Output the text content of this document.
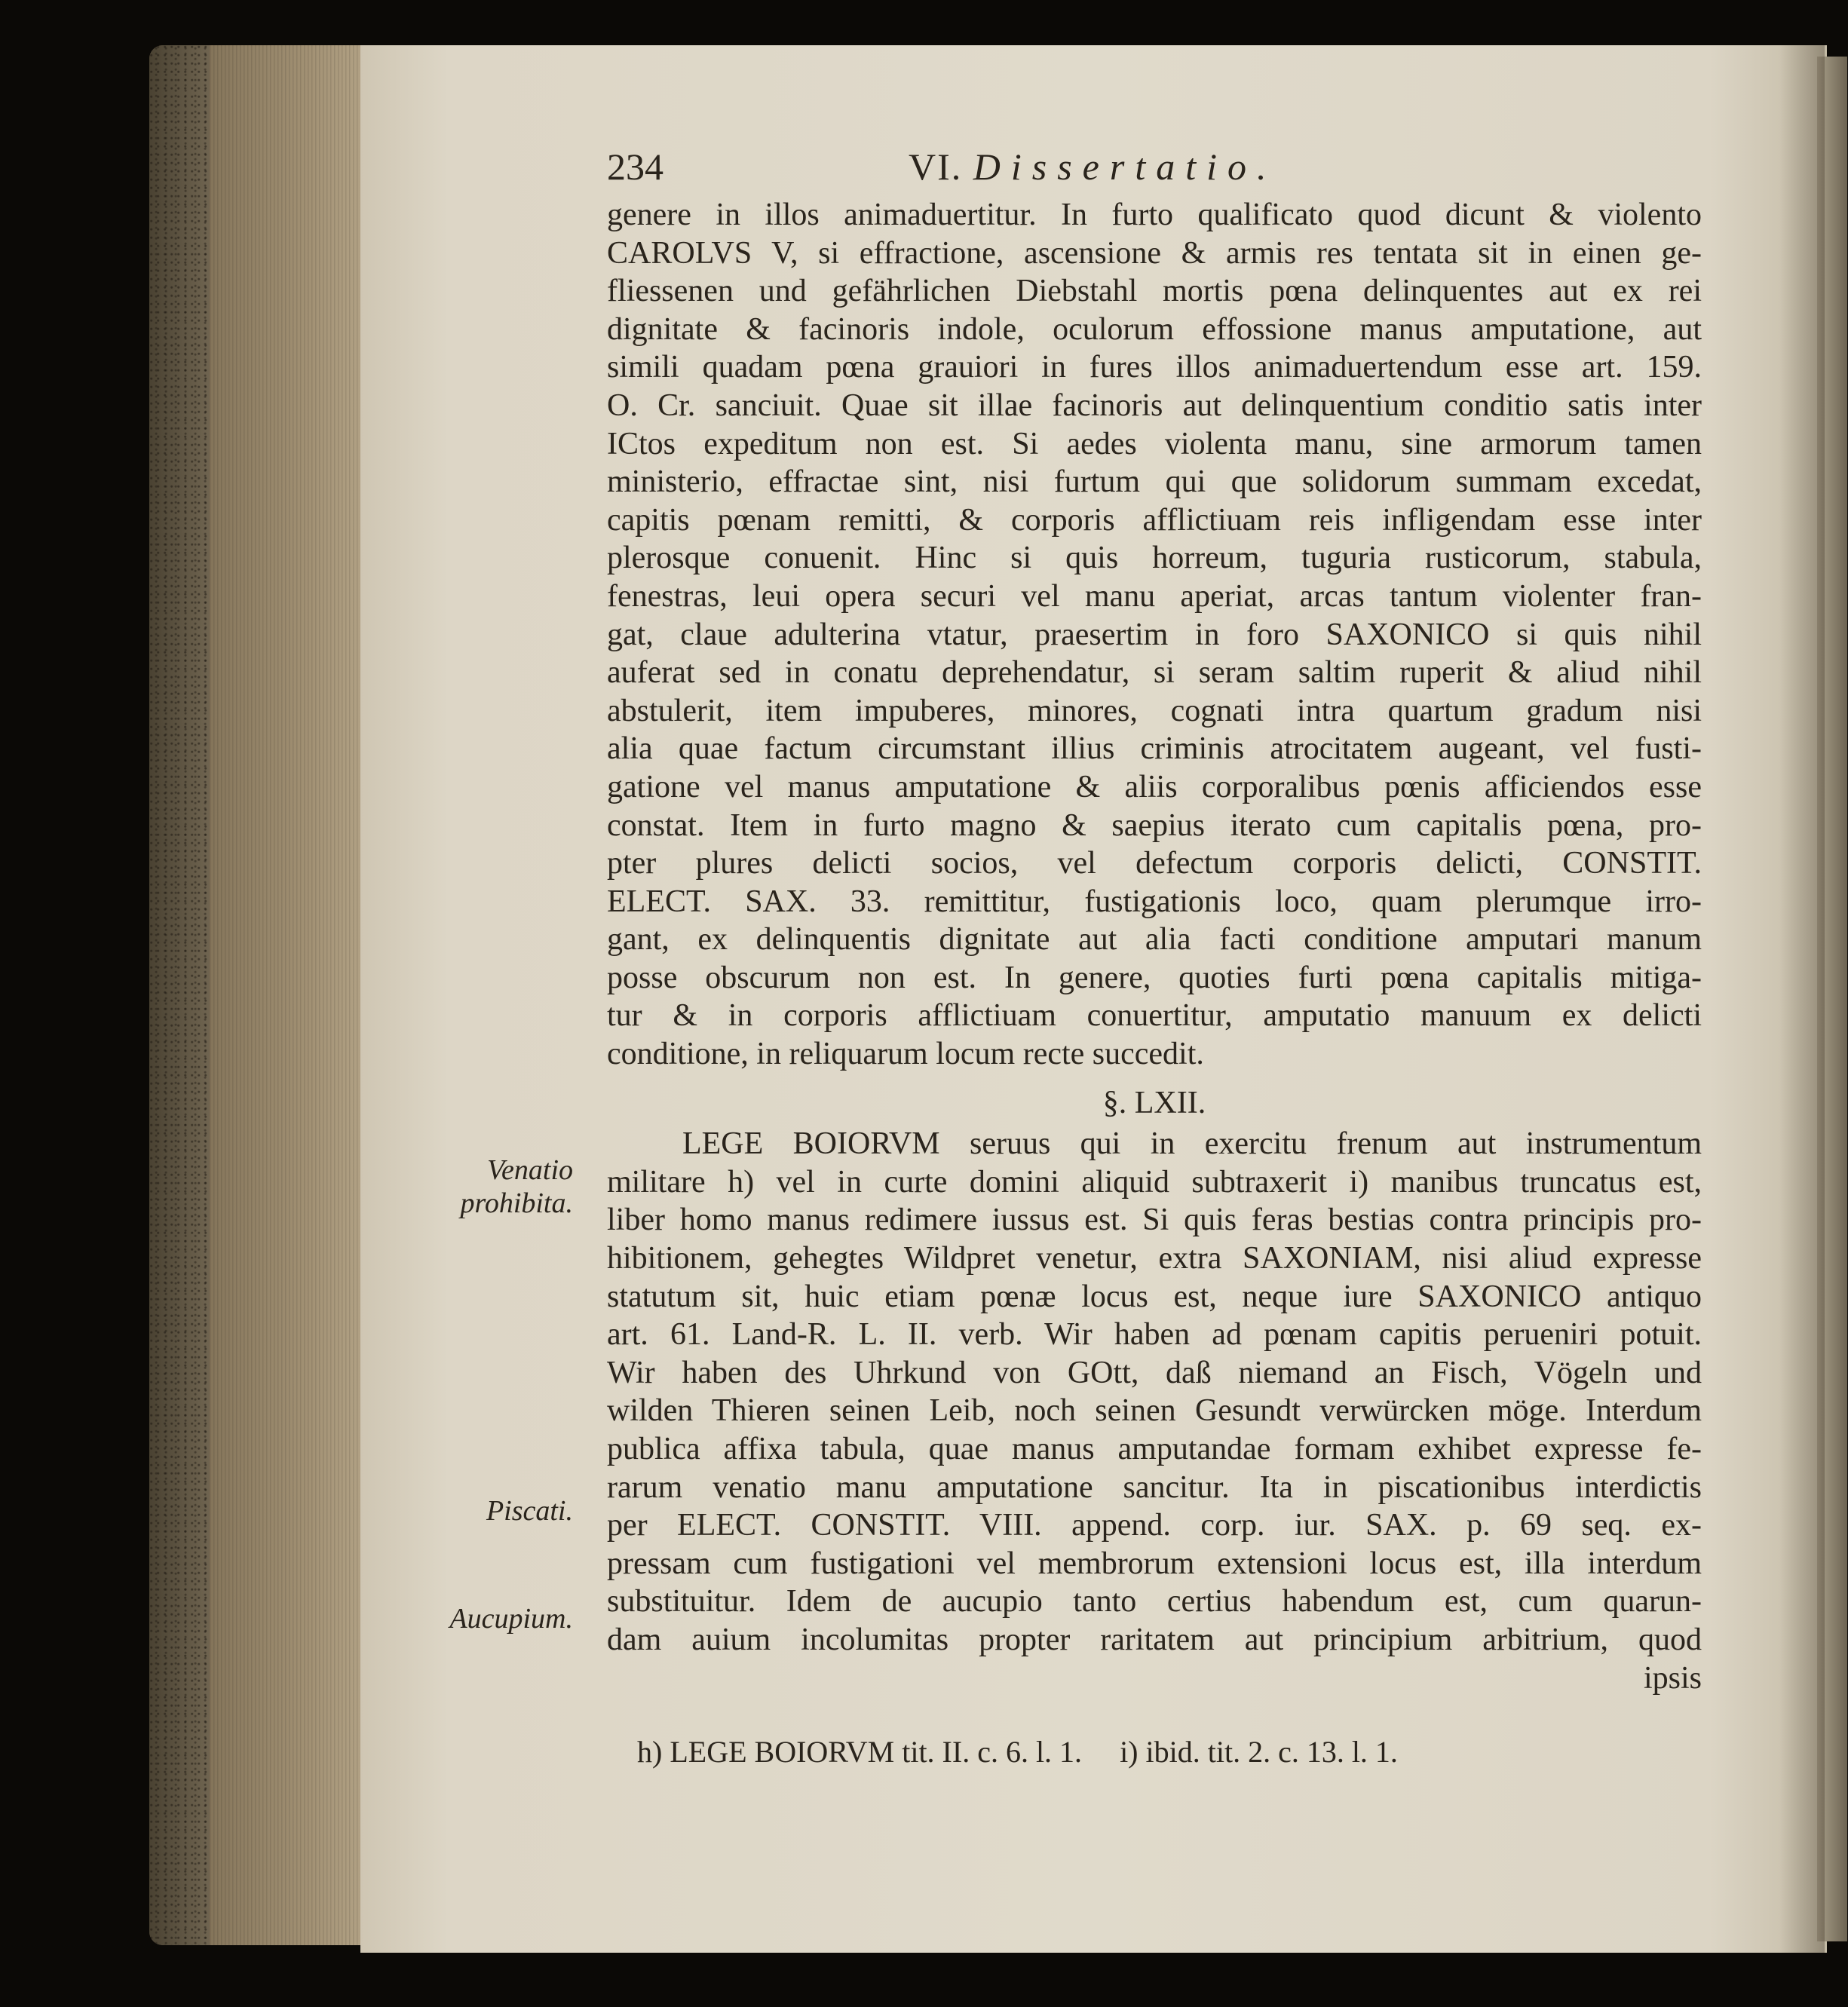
234	VI. Dissertatio.
genere in illos animaduertitur. In furto qualificato quod dicunt & violento
CAROLVS V, si effractione, ascensione & armis res tentata sit in einen ge-
fliessenen und gefährlichen Diebstahl mortis pœna delinquentes aut ex rei
dignitate & facinoris indole, oculorum effossione manus amputatione, aut
simili quadam pœna grauiori in fures illos animaduertendum esse art. 159.
O. Cr. sanciuit. Quae sit illae facinoris aut delinquentium conditio satis inter
ICtos expeditum non est. Si aedes violenta manu, sine armorum tamen
ministerio, effractae sint, nisi furtum qui que solidorum summam excedat,
capitis pœnam remitti, & corporis afflictiuam reis infligendam esse inter
plerosque conuenit. Hinc si quis horreum, tuguria rusticorum, stabula,
fenestras, leui opera securi vel manu aperiat, arcas tantum violenter fran-
gat, claue adulterina vtatur, praesertim in foro SAXONICO si quis nihil
auferat sed in conatu deprehendatur, si seram saltim ruperit & aliud nihil
abstulerit, item impuberes, minores, cognati intra quartum gradum nisi
alia quae factum circumstant illius criminis atrocitatem augeant, vel fusti-
gatione vel manus amputatione & aliis corporalibus pœnis afficiendos esse
constat. Item in furto magno & saepius iterato cum capitalis pœna, pro-
pter plures delicti socios, vel defectum corporis delicti, CONSTIT.
ELECT. SAX. 33. remittitur, fustigationis loco, quam plerumque irro-
gant, ex delinquentis dignitate aut alia facti conditione amputari manum
posse obscurum non est. In genere, quoties furti pœna capitalis mitiga-
tur & in corporis afflictiuam conuertitur, amputatio manuum ex delicti
conditione, in reliquarum locum recte succedit.
§. LXII.
LEGE BOIORVM seruus qui in exercitu frenum aut instrumentum
militare h) vel in curte domini aliquid subtraxerit i) manibus truncatus est,
liber homo manus redimere iussus est. Si quis feras bestias contra principis pro-
hibitionem, gehegtes Wildpret venetur, extra SAXONIAM, nisi aliud expresse
statutum sit, huic etiam pœnæ locus est, neque iure SAXONICO antiquo
art. 61. Land-R. L. II. verb. Wir haben ad pœnam capitis perueniri potuit.
Wir haben des Uhrkund von GOtt, daß niemand an Fisch, Vögeln und
wilden Thieren seinen Leib, noch seinen Gesundt verwürcken möge. Interdum
publica affixa tabula, quae manus amputandae formam exhibet expresse fe-
rarum venatio manu amputatione sancitur. Ita in piscationibus interdictis
per ELECT. CONSTIT. VIII. append. corp. iur. SAX. p. 69 seq. ex-
pressam cum fustigationi vel membrorum extensioni locus est, illa interdum
substituitur. Idem de aucupio tanto certius habendum est, cum quarun-
dam auium incolumitas propter raritatem aut principium arbitrium, quod
ipsis
Venatio prohibita.
Piscati.
Aucupium.
h) LEGE BOIORVM tit. II. c. 6. l. 1. i) ibid. tit. 2. c. 13. l. 1.
